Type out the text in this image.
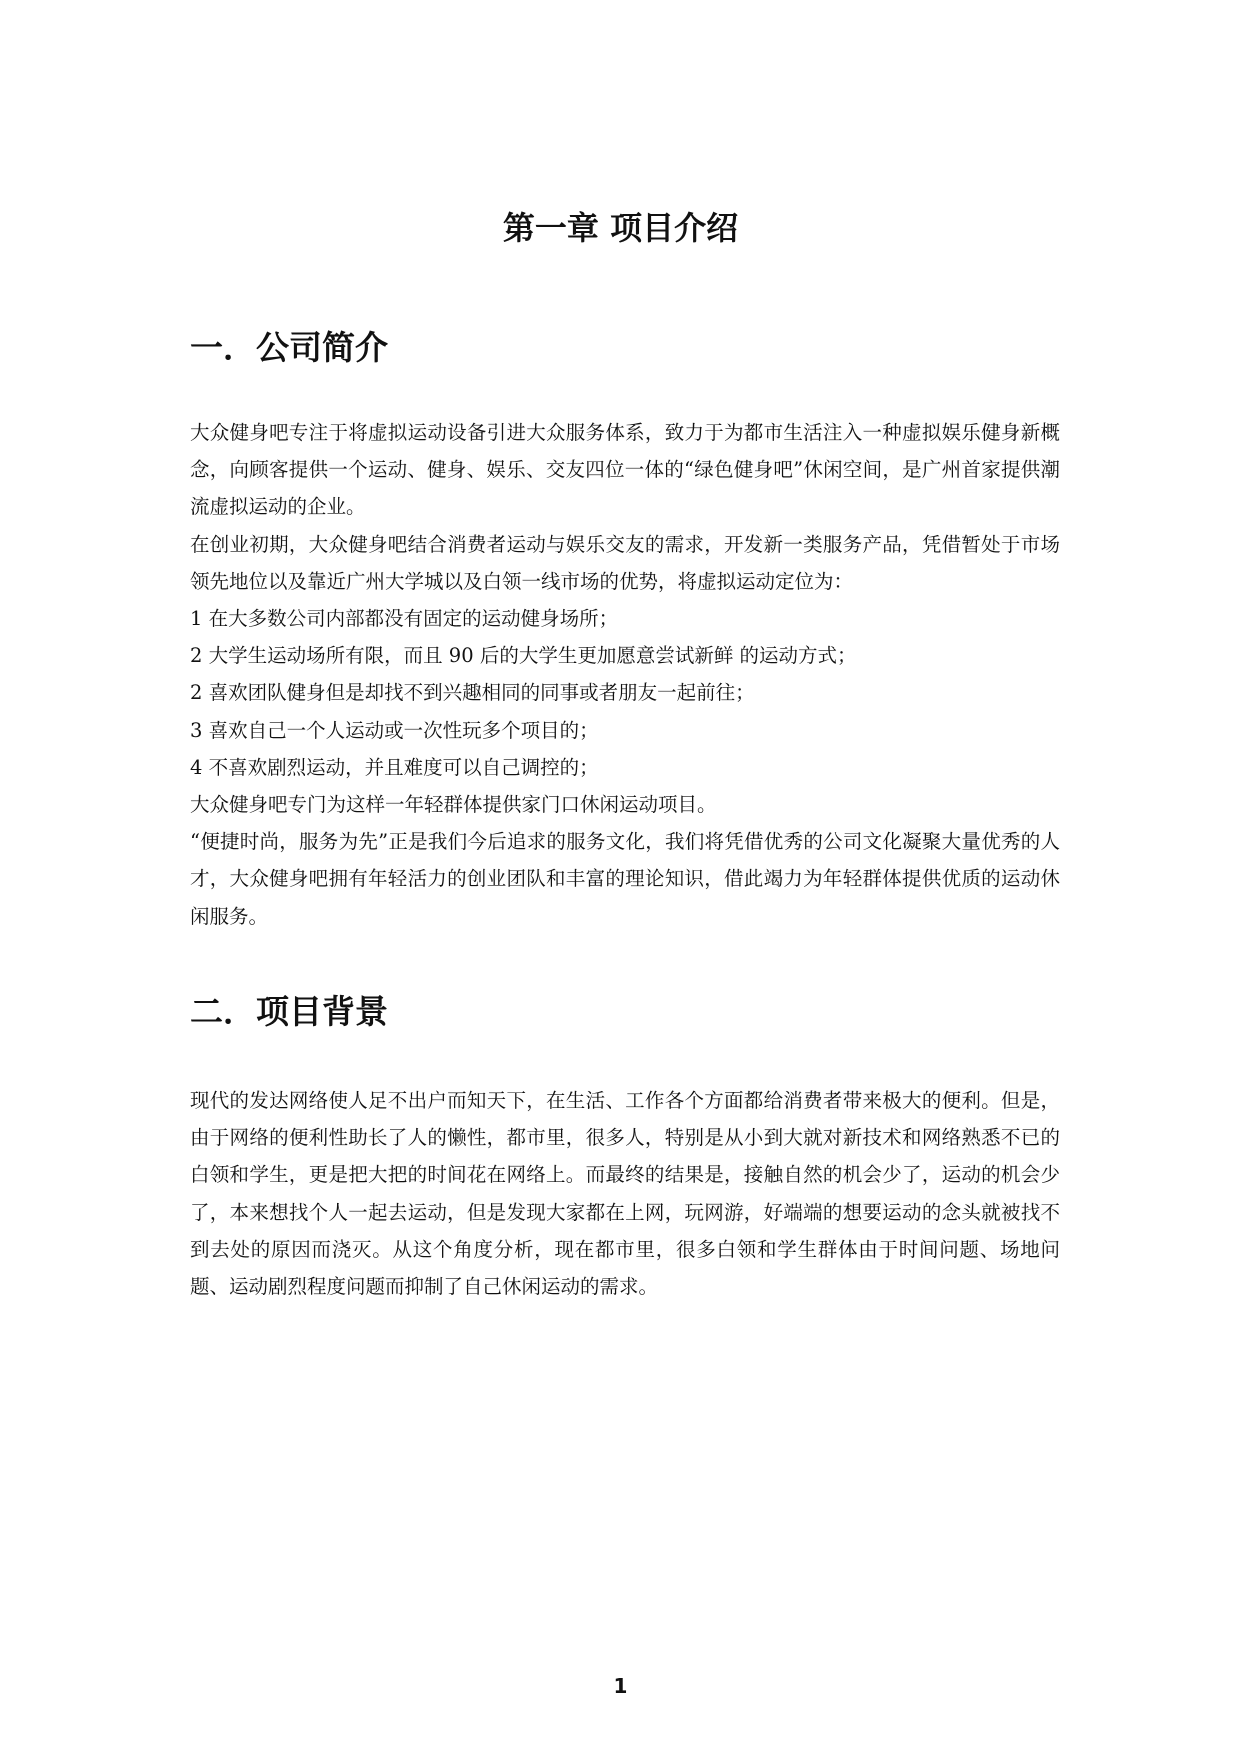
第一章 项目介绍
一．公司简介

大众健身吧专注于将虚拟运动设备引进大众服务体系，致力于为都市生活注入一种虚拟娱乐健身新概念，向顾客提供一个运动、健身、娱乐、交友四位一体的“绿色健身吧”休闲空间，是广州首家提供潮流虚拟运动的企业。

在创业初期，大众健身吧结合消费者运动与娱乐交友的需求，开发新一类服务产品，凭借暂处于市场领先地位以及靠近广州大学城以及白领一线市场的优势，将虚拟运动定位为：

1 在大多数公司内部都没有固定的运动健身场所；

2 大学生运动场所有限，而且 90 后的大学生更加愿意尝试新鲜 的运动方式；

2 喜欢团队健身但是却找不到兴趣相同的同事或者朋友一起前往；

3 喜欢自己一个人运动或一次性玩多个项目的；

4 不喜欢剧烈运动，并且难度可以自己调控的；

大众健身吧专门为这样一年轻群体提供家门口休闲运动项目。

“便捷时尚，服务为先”正是我们今后追求的服务文化，我们将凭借优秀的公司文化凝聚大量优秀的人才，大众健身吧拥有年轻活力的创业团队和丰富的理论知识，借此竭力为年轻群体提供优质的运动休闲服务。

二．项目背景

现代的发达网络使人足不出户而知天下，在生活、工作各个方面都给消费者带来极大的便利。但是，由于网络的便利性助长了人的懒性，都市里，很多人，特别是从小到大就对新技术和网络熟悉不已的白领和学生，更是把大把的时间花在网络上。而最终的结果是，接触自然的机会少了，运动的机会少了，本来想找个人一起去运动，但是发现大家都在上网，玩网游，好端端的想要运动的念头就被找不到去处的原因而浇灭。从这个角度分析，现在都市里，很多白领和学生群体由于时间问题、场地问题、运动剧烈程度问题而抑制了自己休闲运动的需求。

1
